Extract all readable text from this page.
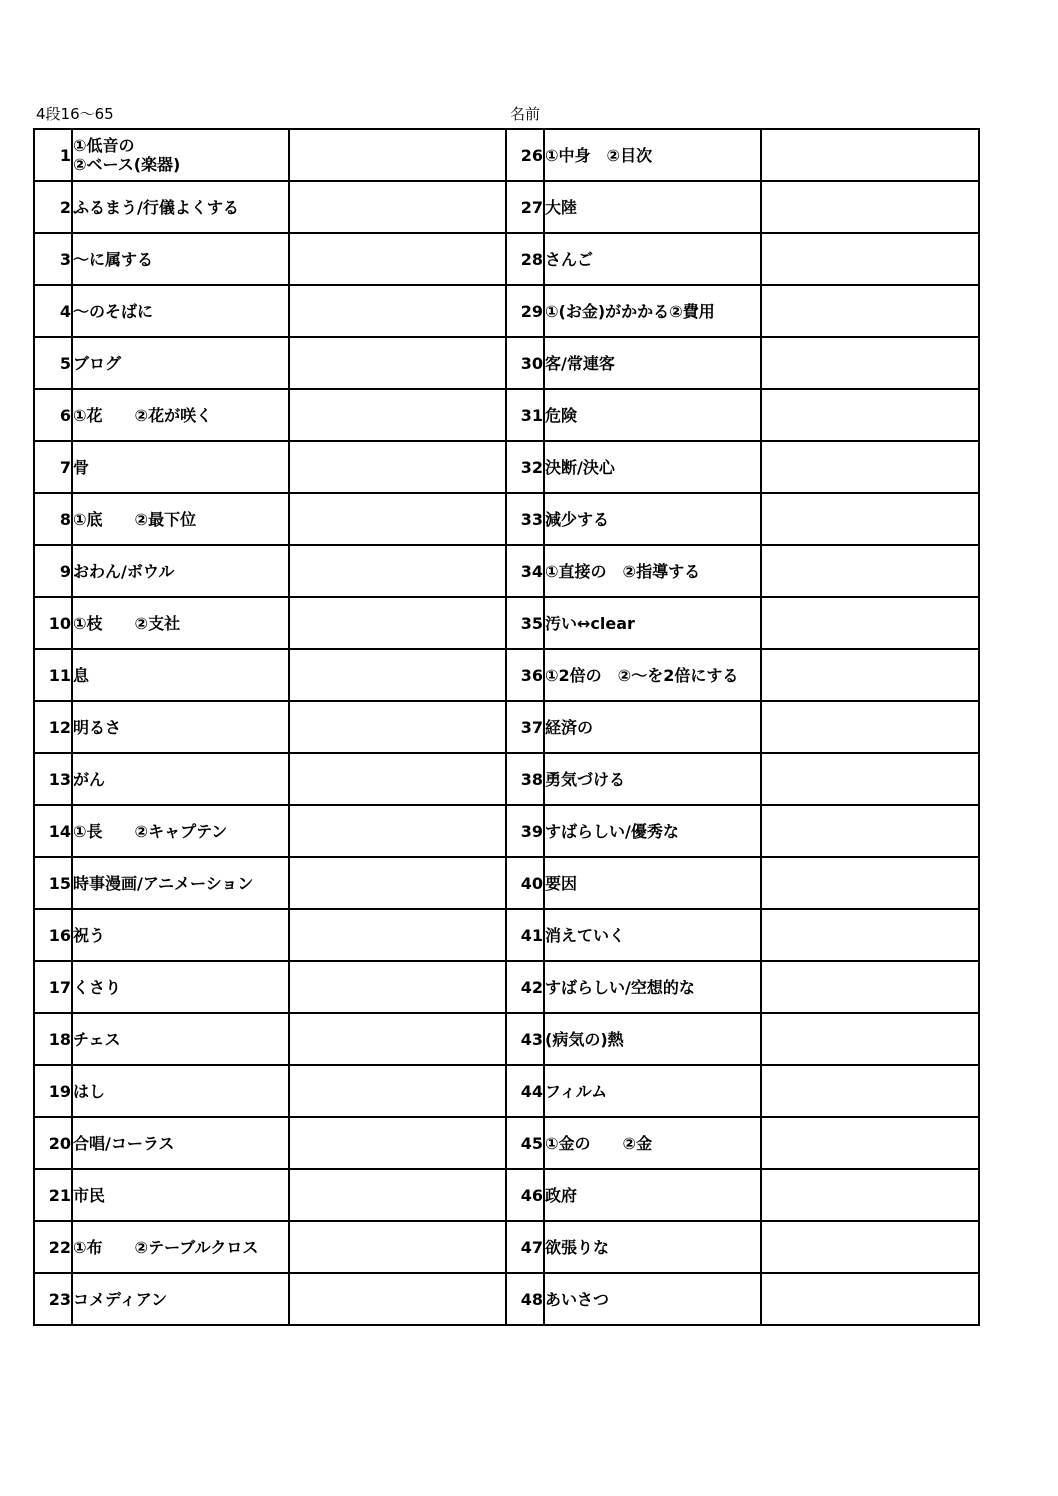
4段16～65	名前
1	①低音の
②ベース(楽器)		26	①中身　②目次	
2	ふるまう/行儀よくする		27	大陸	
3	～に属する		28	さんご	
4	～のそばに		29	①(お金)がかかる②費用	
5	ブログ		30	客/常連客	
6	①花　　②花が咲く		31	危険	
7	骨		32	決断/決心	
8	①底　　②最下位		33	減少する	
9	おわん/ボウル		34	①直接の　②指導する	
10	①枝　　②支社		35	汚い↔clear	
11	息		36	①2倍の　②～を2倍にする	
12	明るさ		37	経済の	
13	がん		38	勇気づける	
14	①長　　②キャプテン		39	すばらしい/優秀な	
15	時事漫画/アニメーション		40	要因	
16	祝う		41	消えていく	
17	くさり		42	すばらしい/空想的な	
18	チェス		43	(病気の)熱	
19	はし		44	フィルム	
20	合唱/コーラス		45	①金の　　②金	
21	市民		46	政府	
22	①布　　②テーブルクロス		47	欲張りな	
23	コメディアン		48	あいさつ	
